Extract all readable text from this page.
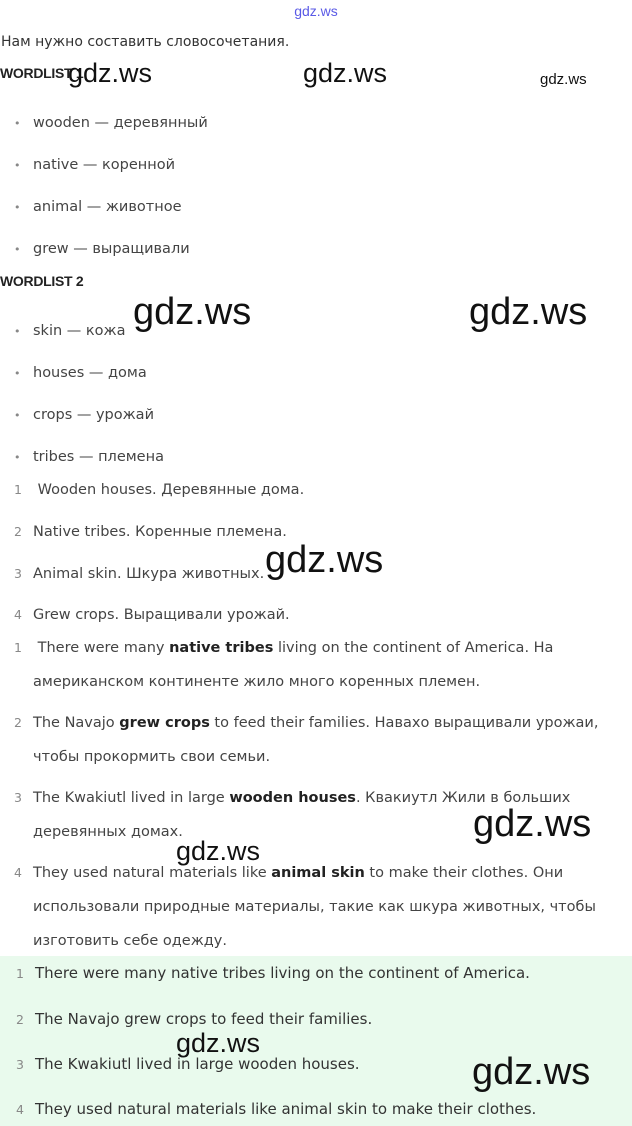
gdz.ws
Нам нужно составить словосочетания.
WORDLIST 1
• wooden — деревянный
• native — коренной
• animal — животное
• grew — выращивали
WORDLIST 2
• skin — кожа
• houses — дома
• crops — урожай
• tribes — племена
1 Wooden houses. Деревянные дома.
2 Native tribes. Коренные племена.
3 Animal skin. Шкура животных.
4 Grew crops. Выращивали урожай.
1 There were many native tribes living on the continent of America. На американском континенте жило много коренных племен.
2 The Navajo grew crops to feed their families. Навахо выращивали урожаи, чтобы прокормить свои семьи.
3 The Kwakiutl lived in large wooden houses. Квакиутл Жили в больших деревянных домах.
4 They used natural materials like animal skin to make their clothes. Они использовали природные материалы, такие как шкура животных, чтобы изготовить себе одежду.
1 There were many native tribes living on the continent of America.
2 The Navajo grew crops to feed their families.
3 The Kwakiutl lived in large wooden houses.
4 They used natural materials like animal skin to make their clothes.
gdz.ws	gdz.ws	gdz.ws
gdz.ws	gdz.ws
gdz.ws
gdz.ws
gdz.ws
gdz.ws
gdz.ws
